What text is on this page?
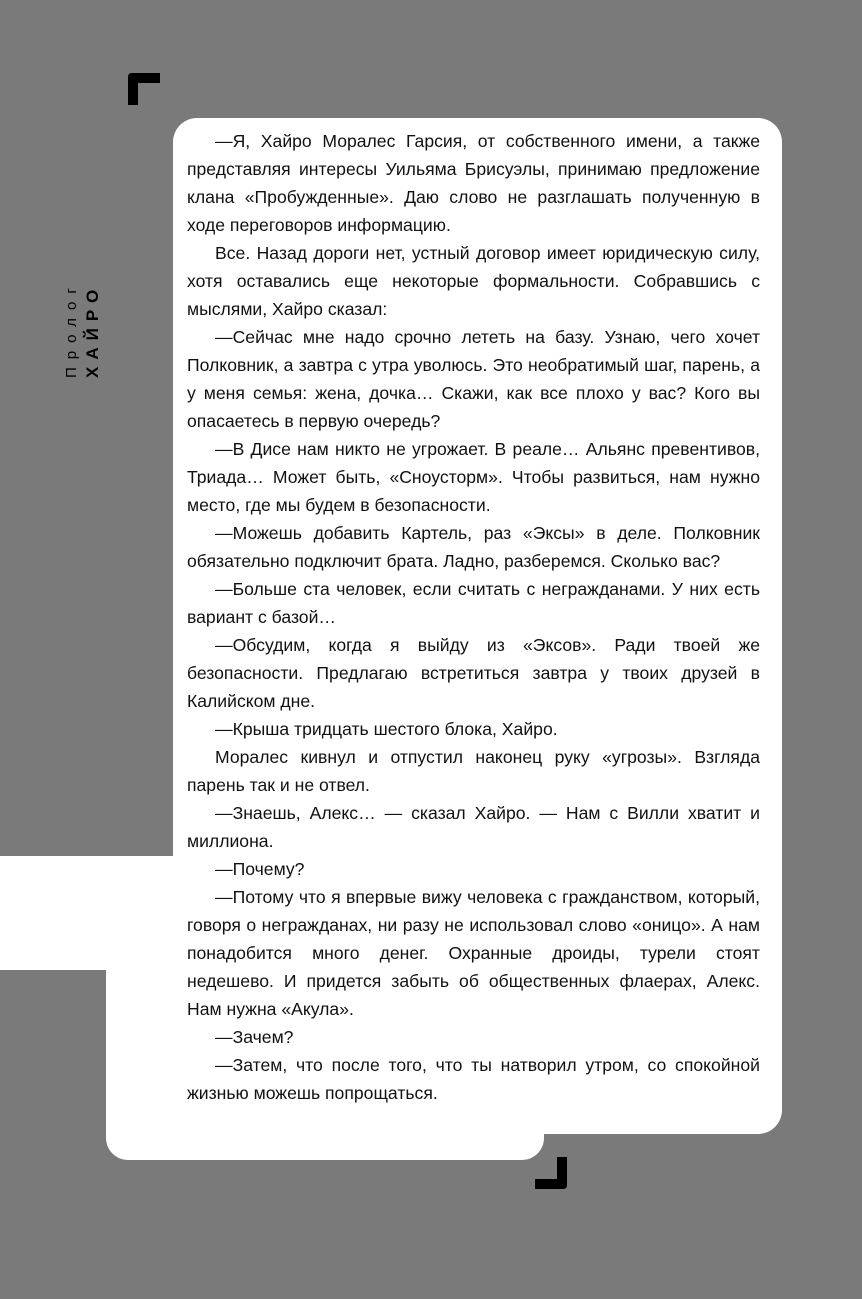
Пролог ХАЙРО

—Я, Хайро Моралес Гарсия, от собственного имени, а также представляя интересы Уильяма Брисуэлы, принимаю предложение клана «Пробужденные». Даю слово не разглашать полученную в ходе переговоров информацию.

Все. Назад дороги нет, устный договор имеет юридическую силу, хотя оставались еще некоторые формальности. Собравшись с мыслями, Хайро сказал:

—Сейчас мне надо срочно лететь на базу. Узнаю, чего хочет Полковник, а завтра с утра уволюсь. Это необратимый шаг, парень, а у меня семья: жена, дочка… Скажи, как все плохо у вас? Кого вы опасаетесь в первую очередь?

—В Дисе нам никто не угрожает. В реале… Альянс превентивов, Триада… Может быть, «Сноусторм». Чтобы развиться, нам нужно место, где мы будем в безопасности.

—Можешь добавить Картель, раз «Эксы» в деле. Полковник обязательно подключит брата. Ладно, разберемся. Сколько вас?

—Больше ста человек, если считать с негражданами. У них есть вариант с базой…

—Обсудим, когда я выйду из «Эксов». Ради твоей же безопасности. Предлагаю встретиться завтра у твоих друзей в Калийском дне.

—Крыша тридцать шестого блока, Хайро.

Моралес кивнул и отпустил наконец руку «угрозы». Взгляда парень так и не отвел.

—Знаешь, Алекс… — сказал Хайро. — Нам с Вилли хватит и миллиона.

—Почему?

—Потому что я впервые вижу человека с гражданством, который, говоря о негражданах, ни разу не использовал слово «оницо». А нам понадобится много денег. Охранные дроиды, турели стоят недешево. И придется забыть об общественных флаерах, Алекс. Нам нужна «Акула».

—Зачем?

—Затем, что после того, что ты натворил утром, со спокойной жизнью можешь попрощаться.
